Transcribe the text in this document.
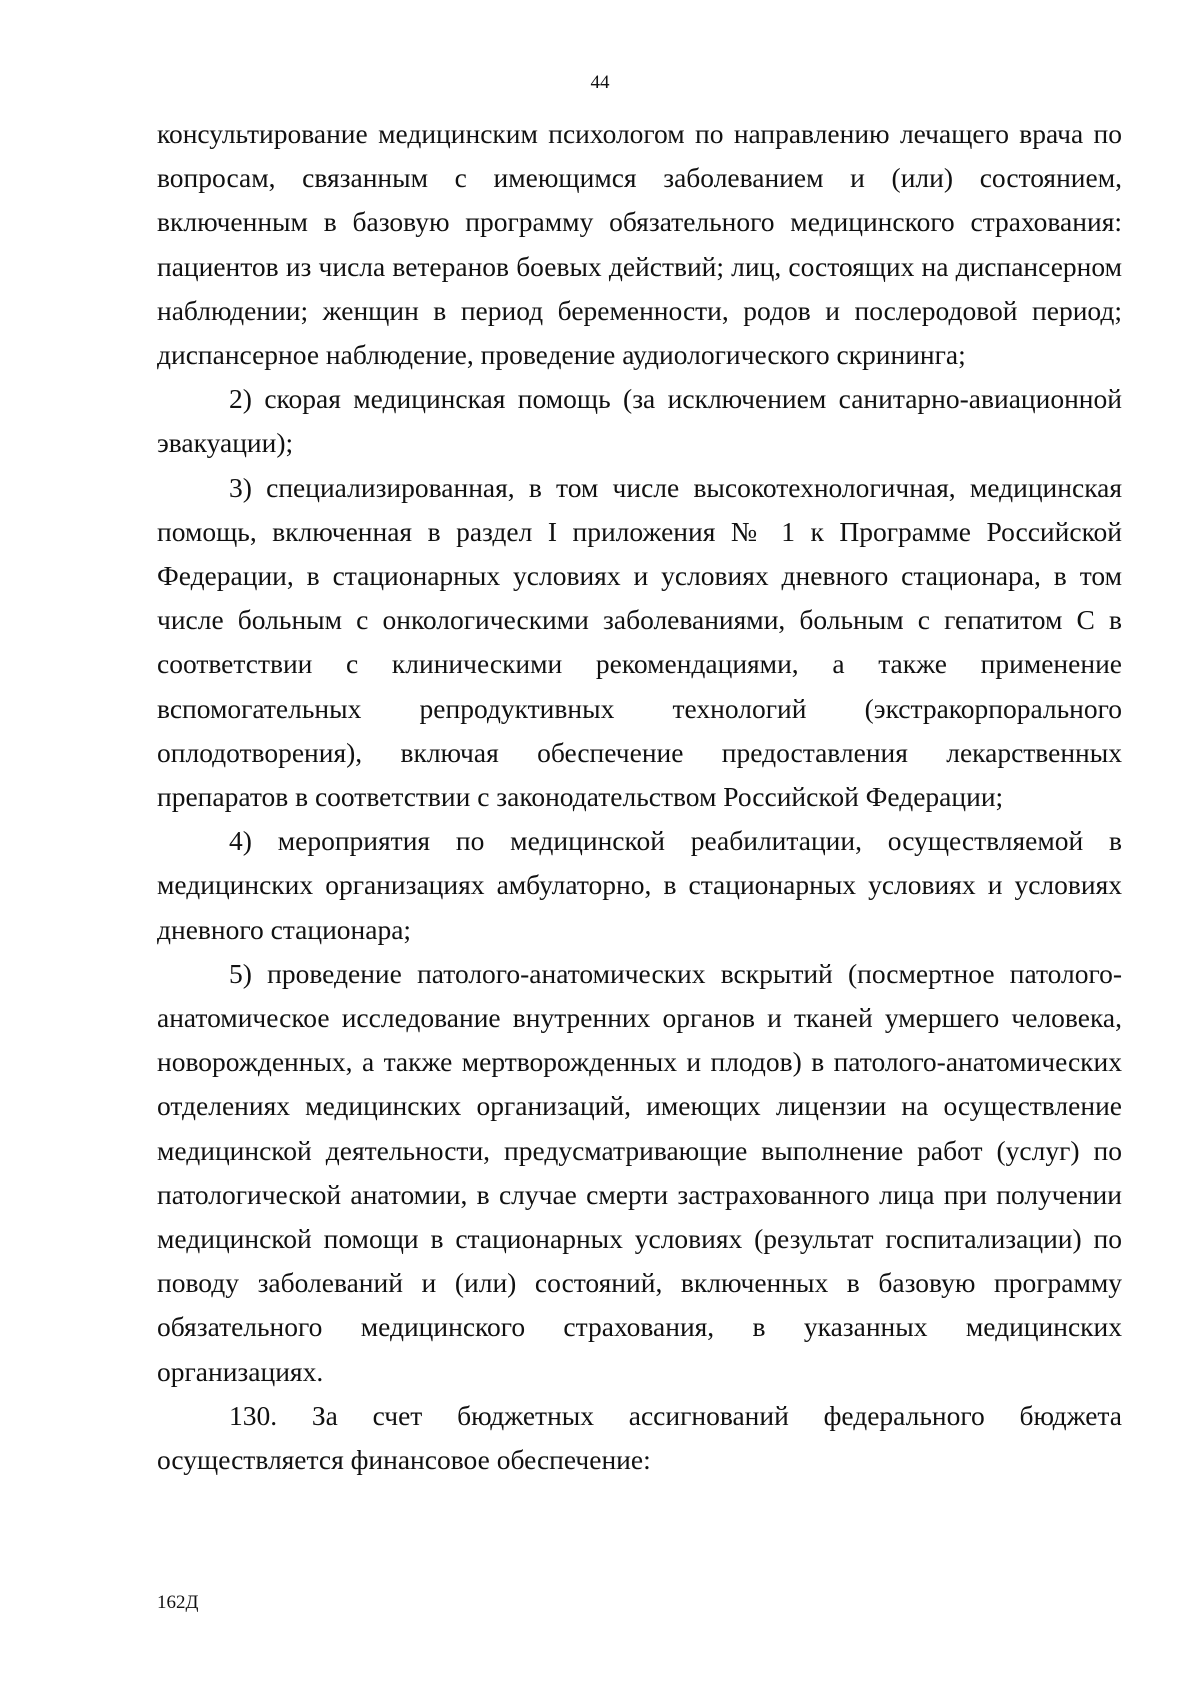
44

консультирование медицинским психологом по направлению лечащего врача по вопросам, связанным с имеющимся заболеванием и (или) состоянием, включенным в базовую программу обязательного медицинского страхования: пациентов из числа ветеранов боевых действий; лиц, состоящих на диспансерном наблюдении; женщин в период беременности, родов и послеродовой период; диспансерное наблюдение, проведение аудиологического скрининга;

2) скорая медицинская помощь (за исключением санитарно-авиационной эвакуации);

3) специализированная, в том числе высокотехнологичная, медицинская помощь, включенная в раздел I приложения № 1 к Программе Российской Федерации, в стационарных условиях и условиях дневного стационара, в том числе больным с онкологическими заболеваниями, больным с гепатитом C в соответствии с клиническими рекомендациями, а также применение вспомогательных репродуктивных технологий (экстракорпорального оплодотворения), включая обеспечение предоставления лекарственных препаратов в соответствии с законодательством Российской Федерации;

4) мероприятия по медицинской реабилитации, осуществляемой в медицинских организациях амбулаторно, в стационарных условиях и условиях дневного стационара;

5) проведение патолого-анатомических вскрытий (посмертное патолого-анатомическое исследование внутренних органов и тканей умершего человека, новорожденных, а также мертворожденных и плодов) в патолого-анатомических отделениях медицинских организаций, имеющих лицензии на осуществление медицинской деятельности, предусматривающие выполнение работ (услуг) по патологической анатомии, в случае смерти застрахованного лица при получении медицинской помощи в стационарных условиях (результат госпитализации) по поводу заболеваний и (или) состояний, включенных в базовую программу обязательного медицинского страхования, в указанных медицинских организациях.

130. За счет бюджетных ассигнований федерального бюджета осуществляется финансовое обеспечение:

162Д
